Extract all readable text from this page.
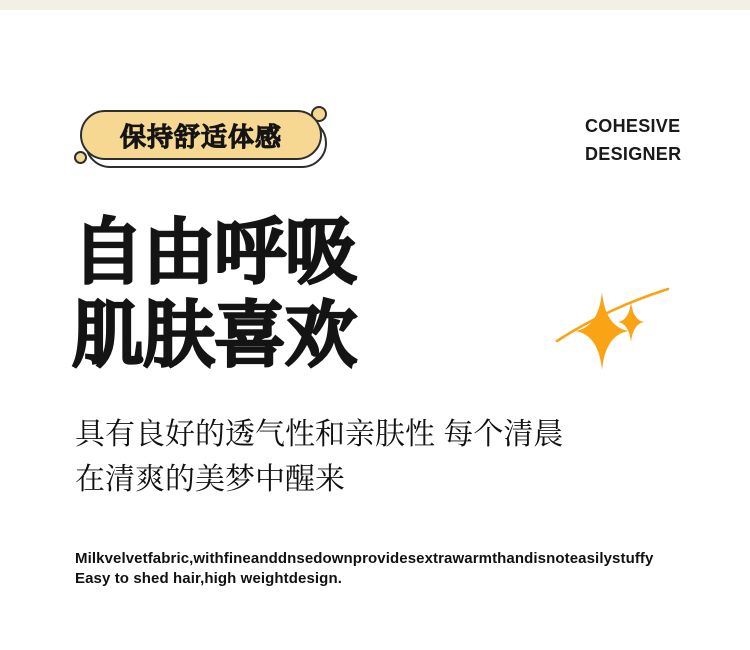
保持舒适体感	COHESIVE
DESIGNER
自由呼吸
肌肤喜欢
具有良好的透气性和亲肤性 每个清晨
在清爽的美梦中醒来
Milkvelvetfabric,withfineanddnsedownprovidesextrawarmthandisnoteasilystuffy
Easy to shed hair,high weightdesign.
